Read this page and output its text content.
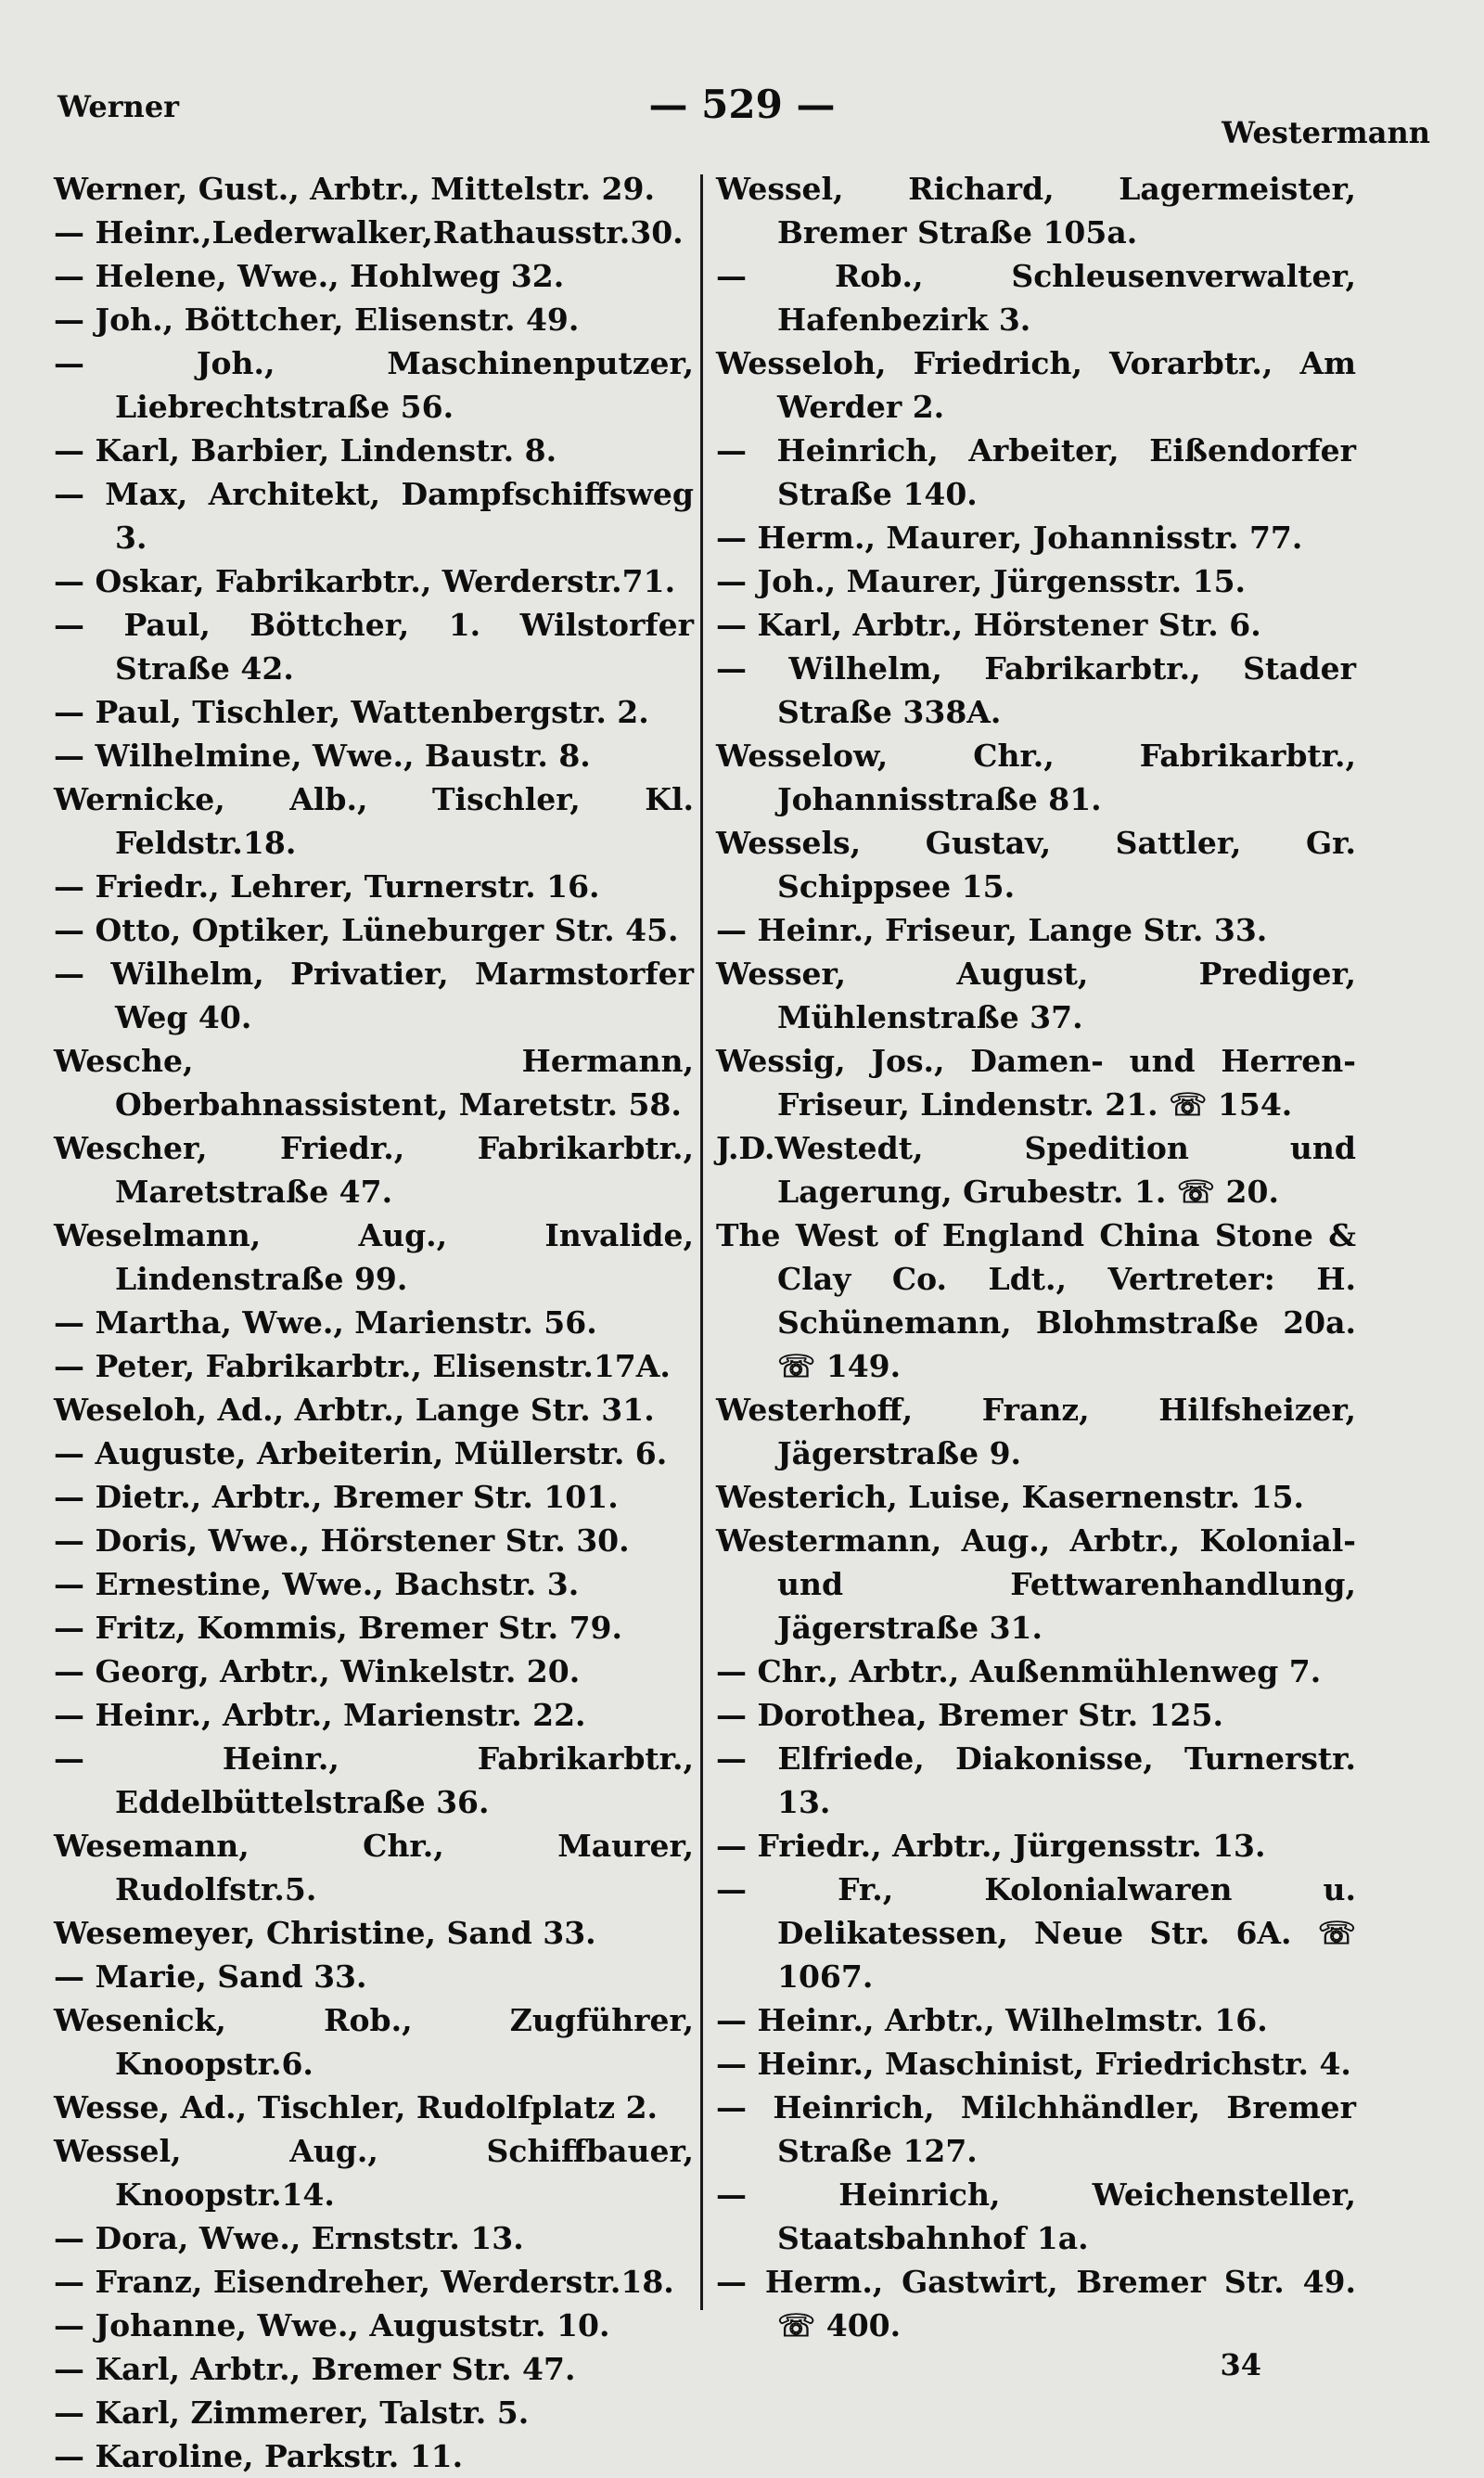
Werner	— 529 —
Westermann
Werner, Gust., Arbtr., Mittelstr. 29.
— Heinr.,Lederwalker,Rathausstr.30.
— Helene, Wwe., Hohlweg 32.
— Joh., Böttcher, Elisenstr. 49.
— Joh., Maschinenputzer, Liebrechtstraße 56.
— Karl, Barbier, Lindenstr. 8.
— Max, Architekt, Dampfschiffsweg 3.
— Oskar, Fabrikarbtr., Werderstr.71.
— Paul, Böttcher, 1. Wilstorfer Straße 42.
— Paul, Tischler, Wattenbergstr. 2.
— Wilhelmine, Wwe., Baustr. 8.
Wernicke, Alb., Tischler, Kl. Feldstr.18.
— Friedr., Lehrer, Turnerstr. 16.
— Otto, Optiker, Lüneburger Str. 45.
— Wilhelm, Privatier, Marmstorfer Weg 40.
Wesche, Hermann, Oberbahnassistent, Maretstr. 58.
Wescher, Friedr., Fabrikarbtr., Maretstraße 47.
Weselmann, Aug., Invalide, Lindenstraße 99.
— Martha, Wwe., Marienstr. 56.
— Peter, Fabrikarbtr., Elisenstr.17A.
Weseloh, Ad., Arbtr., Lange Str. 31.
— Auguste, Arbeiterin, Müllerstr. 6.
— Dietr., Arbtr., Bremer Str. 101.
— Doris, Wwe., Hörstener Str. 30.
— Ernestine, Wwe., Bachstr. 3.
— Fritz, Kommis, Bremer Str. 79.
— Georg, Arbtr., Winkelstr. 20.
— Heinr., Arbtr., Marienstr. 22.
— Heinr., Fabrikarbtr., Eddelbüttelstraße 36.
Wesemann, Chr., Maurer, Rudolfstr.5.
Wesemeyer, Christine, Sand 33.
— Marie, Sand 33.
Wesenick, Rob., Zugführer, Knoopstr.6.
Wesse, Ad., Tischler, Rudolfplatz 2.
Wessel, Aug., Schiffbauer, Knoopstr.14.
— Dora, Wwe., Ernststr. 13.
— Franz, Eisendreher, Werderstr.18.
— Johanne, Wwe., Auguststr. 10.
— Karl, Arbtr., Bremer Str. 47.
— Karl, Zimmerer, Talstr. 5.
— Karoline, Parkstr. 11.
Wessel, Richard, Lagermeister, Bremer Straße 105a.
— Rob., Schleusenverwalter, Hafenbezirk 3.
Wesseloh, Friedrich, Vorarbtr., Am Werder 2.
— Heinrich, Arbeiter, Eißendorfer Straße 140.
— Herm., Maurer, Johannisstr. 77.
— Joh., Maurer, Jürgensstr. 15.
— Karl, Arbtr., Hörstener Str. 6.
— Wilhelm, Fabrikarbtr., Stader Straße 338A.
Wesselow, Chr., Fabrikarbtr., Johannisstraße 81.
Wessels, Gustav, Sattler, Gr. Schippsee 15.
— Heinr., Friseur, Lange Str. 33.
Wesser, August, Prediger, Mühlenstraße 37.
Wessig, Jos., Damen- und Herren-Friseur, Lindenstr. 21. ☏ 154.
J.D.Westedt, Spedition und Lagerung, Grubestr. 1. ☏ 20.
The West of England China Stone & Clay Co. Ldt., Vertreter: H. Schünemann, Blohmstraße 20a. ☏ 149.
Westerhoff, Franz, Hilfsheizer, Jägerstraße 9.
Westerich, Luise, Kasernenstr. 15.
Westermann, Aug., Arbtr., Kolonial- und Fettwarenhandlung, Jägerstraße 31.
— Chr., Arbtr., Außenmühlenweg 7.
— Dorothea, Bremer Str. 125.
— Elfriede, Diakonisse, Turnerstr. 13.
— Friedr., Arbtr., Jürgensstr. 13.
— Fr., Kolonialwaren u. Delikatessen, Neue Str. 6A. ☏ 1067.
— Heinr., Arbtr., Wilhelmstr. 16.
— Heinr., Maschinist, Friedrichstr. 4.
— Heinrich, Milchhändler, Bremer Straße 127.
— Heinrich, Weichensteller, Staatsbahnhof 1a.
— Herm., Gastwirt, Bremer Str. 49. ☏ 400.
34
